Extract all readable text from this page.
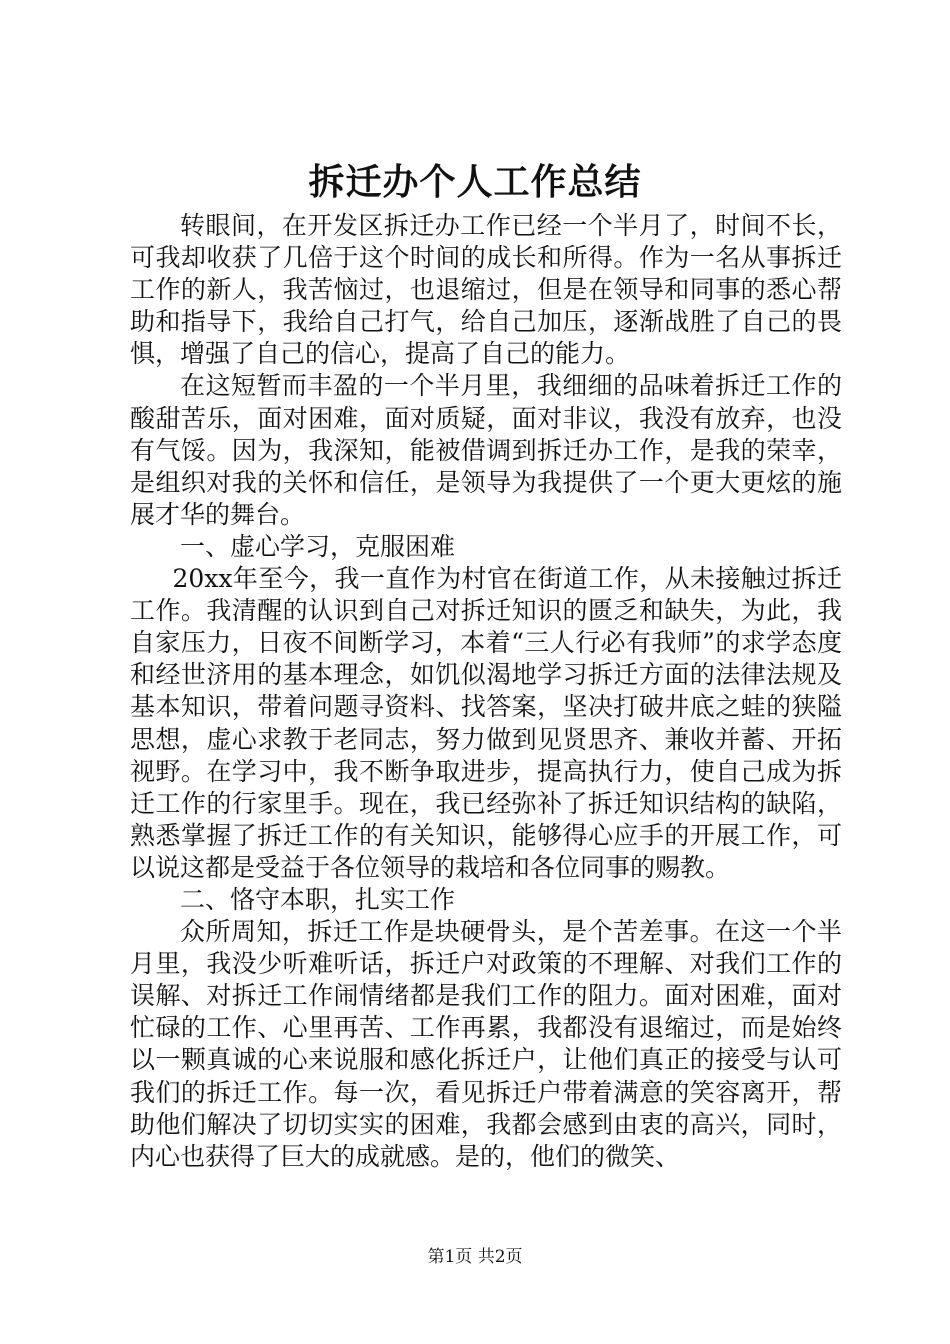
拆迁办个人工作总结

转眼间，在开发区拆迁办工作已经一个半月了，时间不长，可我却收获了几倍于这个时间的成长和所得。作为一名从事拆迁工作的新人，我苦恼过，也退缩过，但是在领导和同事的悉心帮助和指导下，我给自己打气，给自己加压，逐渐战胜了自己的畏惧，增强了自己的信心，提高了自己的能力。

在这短暂而丰盈的一个半月里，我细细的品味着拆迁工作的酸甜苦乐，面对困难，面对质疑，面对非议，我没有放弃，也没有气馁。因为，我深知，能被借调到拆迁办工作，是我的荣幸，是组织对我的关怀和信任，是领导为我提供了一个更大更炫的施展才华的舞台。

一、虚心学习，克服困难

20xx年至今，我一直作为村官在街道工作，从未接触过拆迁工作。我清醒的认识到自己对拆迁知识的匮乏和缺失，为此，我自家压力，日夜不间断学习，本着“三人行必有我师”的求学态度和经世济用的基本理念，如饥似渴地学习拆迁方面的法律法规及基本知识，带着问题寻资料、找答案，坚决打破井底之蛙的狭隘思想，虚心求教于老同志，努力做到见贤思齐、兼收并蓄、开拓视野。在学习中，我不断争取进步，提高执行力，使自己成为拆迁工作的行家里手。现在，我已经弥补了拆迁知识结构的缺陷，熟悉掌握了拆迁工作的有关知识，能够得心应手的开展工作，可以说这都是受益于各位领导的栽培和各位同事的赐教。

二、恪守本职，扎实工作

众所周知，拆迁工作是块硬骨头，是个苦差事。在这一个半月里，我没少听难听话，拆迁户对政策的不理解、对我们工作的误解、对拆迁工作闹情绪都是我们工作的阻力。面对困难，面对忙碌的工作、心里再苦、工作再累，我都没有退缩过，而是始终以一颗真诚的心来说服和感化拆迁户，让他们真正的接受与认可我们的拆迁工作。每一次，看见拆迁户带着满意的笑容离开，帮助他们解决了切切实实的困难，我都会感到由衷的高兴，同时，内心也获得了巨大的成就感。是的，他们的微笑、

第1页 共2页
